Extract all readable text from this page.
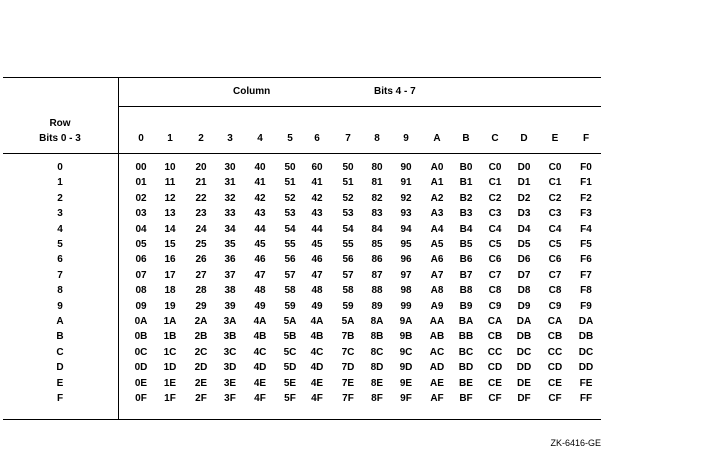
Row
Bits 0 - 3
Column	Bits 4 - 7
0	1	2	3	4	5	6	7	8	9	A	B	C	D	E	F
0	00	10	20	30	40	50	60	50	80	90	A0	B0	C0	D0	C0	F0
1	01	11	21	31	41	51	41	51	81	91	A1	B1	C1	D1	C1	F1
2	02	12	22	32	42	52	42	52	82	92	A2	B2	C2	D2	C2	F2
3	03	13	23	33	43	53	43	53	83	93	A3	B3	C3	D3	C3	F3
4	04	14	24	34	44	54	44	54	84	94	A4	B4	C4	D4	C4	F4
5	05	15	25	35	45	55	45	55	85	95	A5	B5	C5	D5	C5	F5
6	06	16	26	36	46	56	46	56	86	96	A6	B6	C6	D6	C6	F6
7	07	17	27	37	47	57	47	57	87	97	A7	B7	C7	D7	C7	F7
8	08	18	28	38	48	58	48	58	88	98	A8	B8	C8	D8	C8	F8
9	09	19	29	39	49	59	49	59	89	99	A9	B9	C9	D9	C9	F9
A	0A	1A	2A	3A	4A	5A	4A	5A	8A	9A	AA	BA	CA	DA	CA	DA
B	0B	1B	2B	3B	4B	5B	4B	7B	8B	9B	AB	BB	CB	DB	CB	DB
C	0C	1C	2C	3C	4C	5C	4C	7C	8C	9C	AC	BC	CC	DC	CC	DC
D	0D	1D	2D	3D	4D	5D	4D	7D	8D	9D	AD	BD	CD	DD	CD	DD
E	0E	1E	2E	3E	4E	5E	4E	7E	8E	9E	AE	BE	CE	DE	CE	FE
F	0F	1F	2F	3F	4F	5F	4F	7F	8F	9F	AF	BF	CF	DF	CF	FF
ZK-6416-GE
